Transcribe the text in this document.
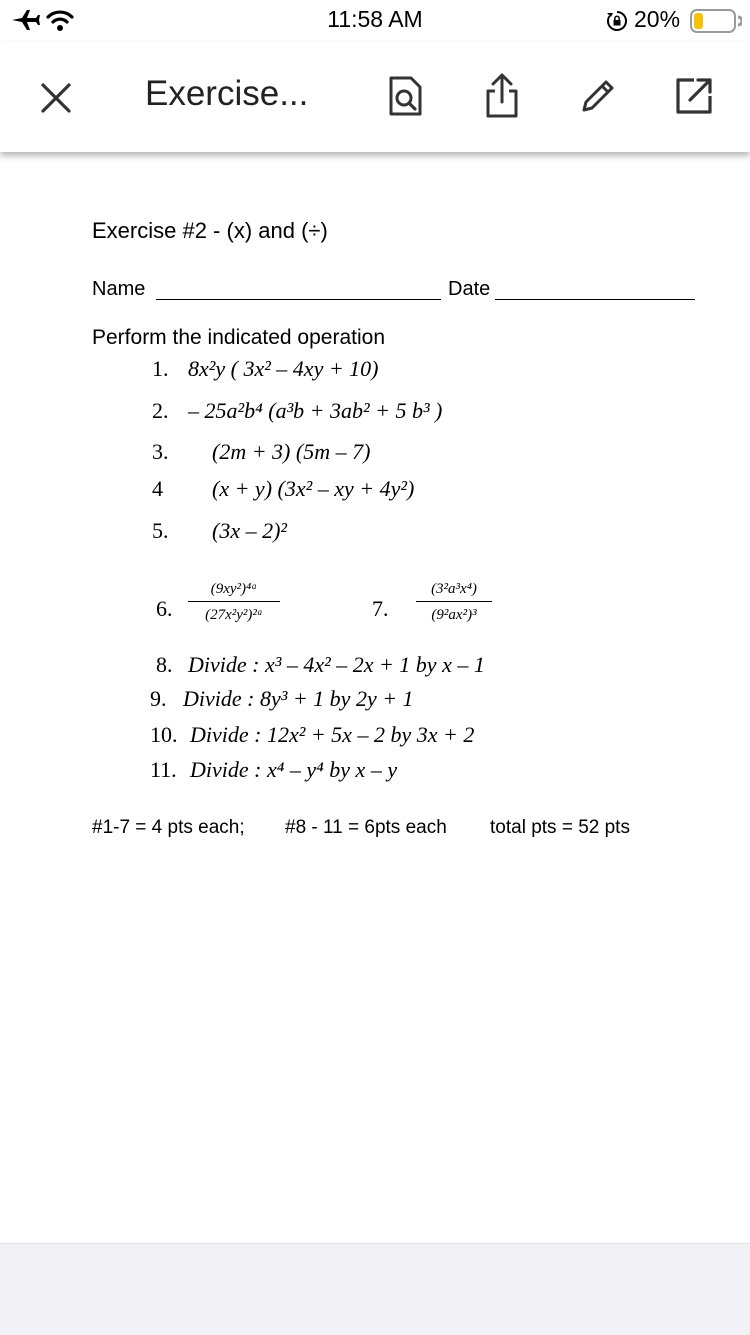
11:58 AM	20%
Exercise...
Exercise #2 - (x) and (÷)
Name	Date
Perform the indicated operation
1. 8x²y ( 3x² – 4xy + 10)
2. – 25a²b⁴ (a³b + 3ab² + 5 b³ )
3. (2m + 3) (5m – 7)
4 (x + y) (3x² – xy + 4y²)
5. (3x – 2)²
6.
(9xy²)⁴ᵃ
(27x²y²)²ᵃ	7.
(3²a³x⁴)
(9²ax²)³
8. Divide : x³ – 4x² – 2x + 1 by x – 1
9. Divide : 8y³ + 1 by 2y + 1
10. Divide : 12x² + 5x – 2 by 3x + 2
11. Divide : x⁴ – y⁴ by x – y
#1-7 = 4 pts each; #8 - 11 = 6pts each total pts = 52 pts
